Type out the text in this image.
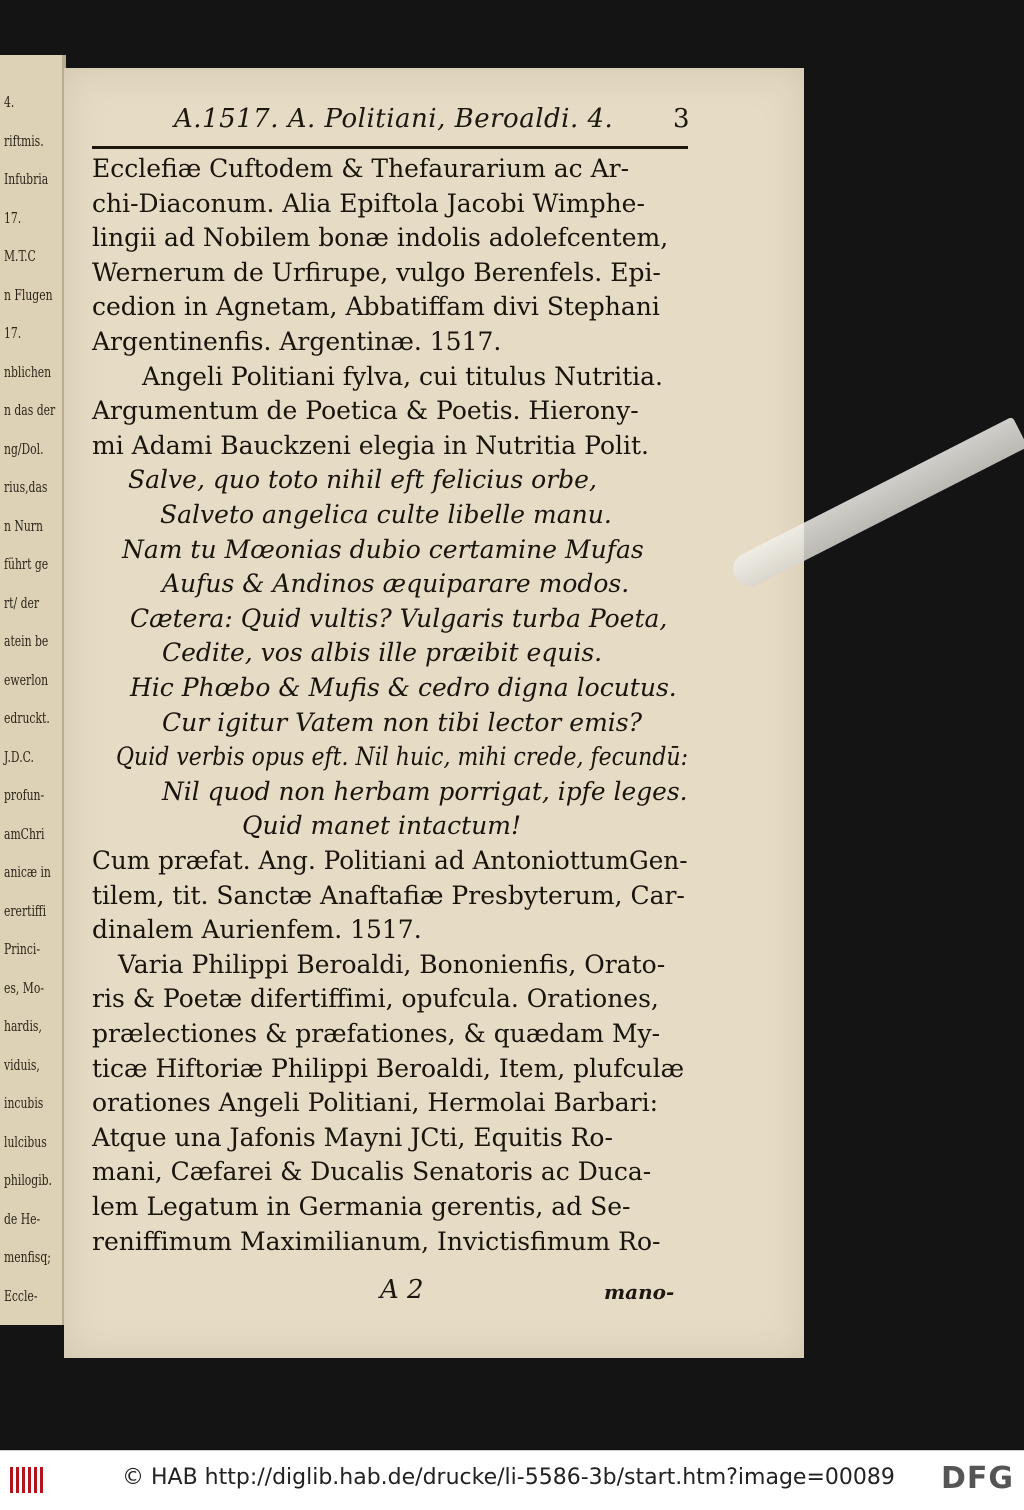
4.
riftmis.
Infubria
17.
M.T.C
n Flugen
17.
nblichen
n das der
ng/Dol.
rius,das
n Nurn
führt ge
rt/ der
atein be
ewerlon
edruckt.
J.D.C.
profun-
amChri
anicæ in
erertiffi
Princi-
es, Mo-
hardis,
viduis,
incubis
lulcibus
philogib.
de He-
menfisq;
Eccle-
A.1517. A. Politiani, Beroaldi. 4. 3
Ecclefiæ Cuftodem & Thefaurarium ac Ar-
chi-Diaconum. Alia Epiftola Jacobi Wimphe-
lingii ad Nobilem bonæ indolis adolefcentem,
Wernerum de Urfirupe, vulgo Berenfels. Epi-
cedion in Agnetam, Abbatiffam divi Stephani
Argentinenfis. Argentinæ. 1517.
Angeli Politiani fylva, cui titulus Nutritia.
Argumentum de Poetica & Poetis. Hierony-
mi Adami Bauckzeni elegia in Nutritia Polit.
Salve, quo toto nihil eft felicius orbe,
Salveto angelica culte libelle manu.
Nam tu Mœonias dubio certamine Mufas
Aufus & Andinos æquiparare modos.
Cætera: Quid vultis? Vulgaris turba Poeta,
Cedite, vos albis ille præibit equis.
Hic Phœbo & Mufis & cedro digna locutus.
Cur igitur Vatem non tibi lector emis?
Quid verbis opus eft. Nil huic, mihi crede, fecundū:
Nil quod non herbam porrigat, ipfe leges.
Quid manet intactum!
Cum præfat. Ang. Politiani ad AntoniottumGen-
tilem, tit. Sanctæ Anaftafiæ Presbyterum, Car-
dinalem Aurienfem. 1517.
Varia Philippi Beroaldi, Bononienfis, Orato-
ris & Poetæ difertiffimi, opufcula. Orationes,
prælectiones & præfationes, & quædam My-
ticæ Hiftoriæ Philippi Beroaldi, Item, plufculæ
orationes Angeli Politiani, Hermolai Barbari:
Atque una Jafonis Mayni JCti, Equitis Ro-
mani, Cæfarei & Ducalis Senatoris ac Duca-
lem Legatum in Germania gerentis, ad Se-
reniffimum Maximilianum, Invictisfimum Ro-
A 2	mano-
© HAB http://diglib.hab.de/drucke/li-5586-3b/start.htm?image=00089 DFG
